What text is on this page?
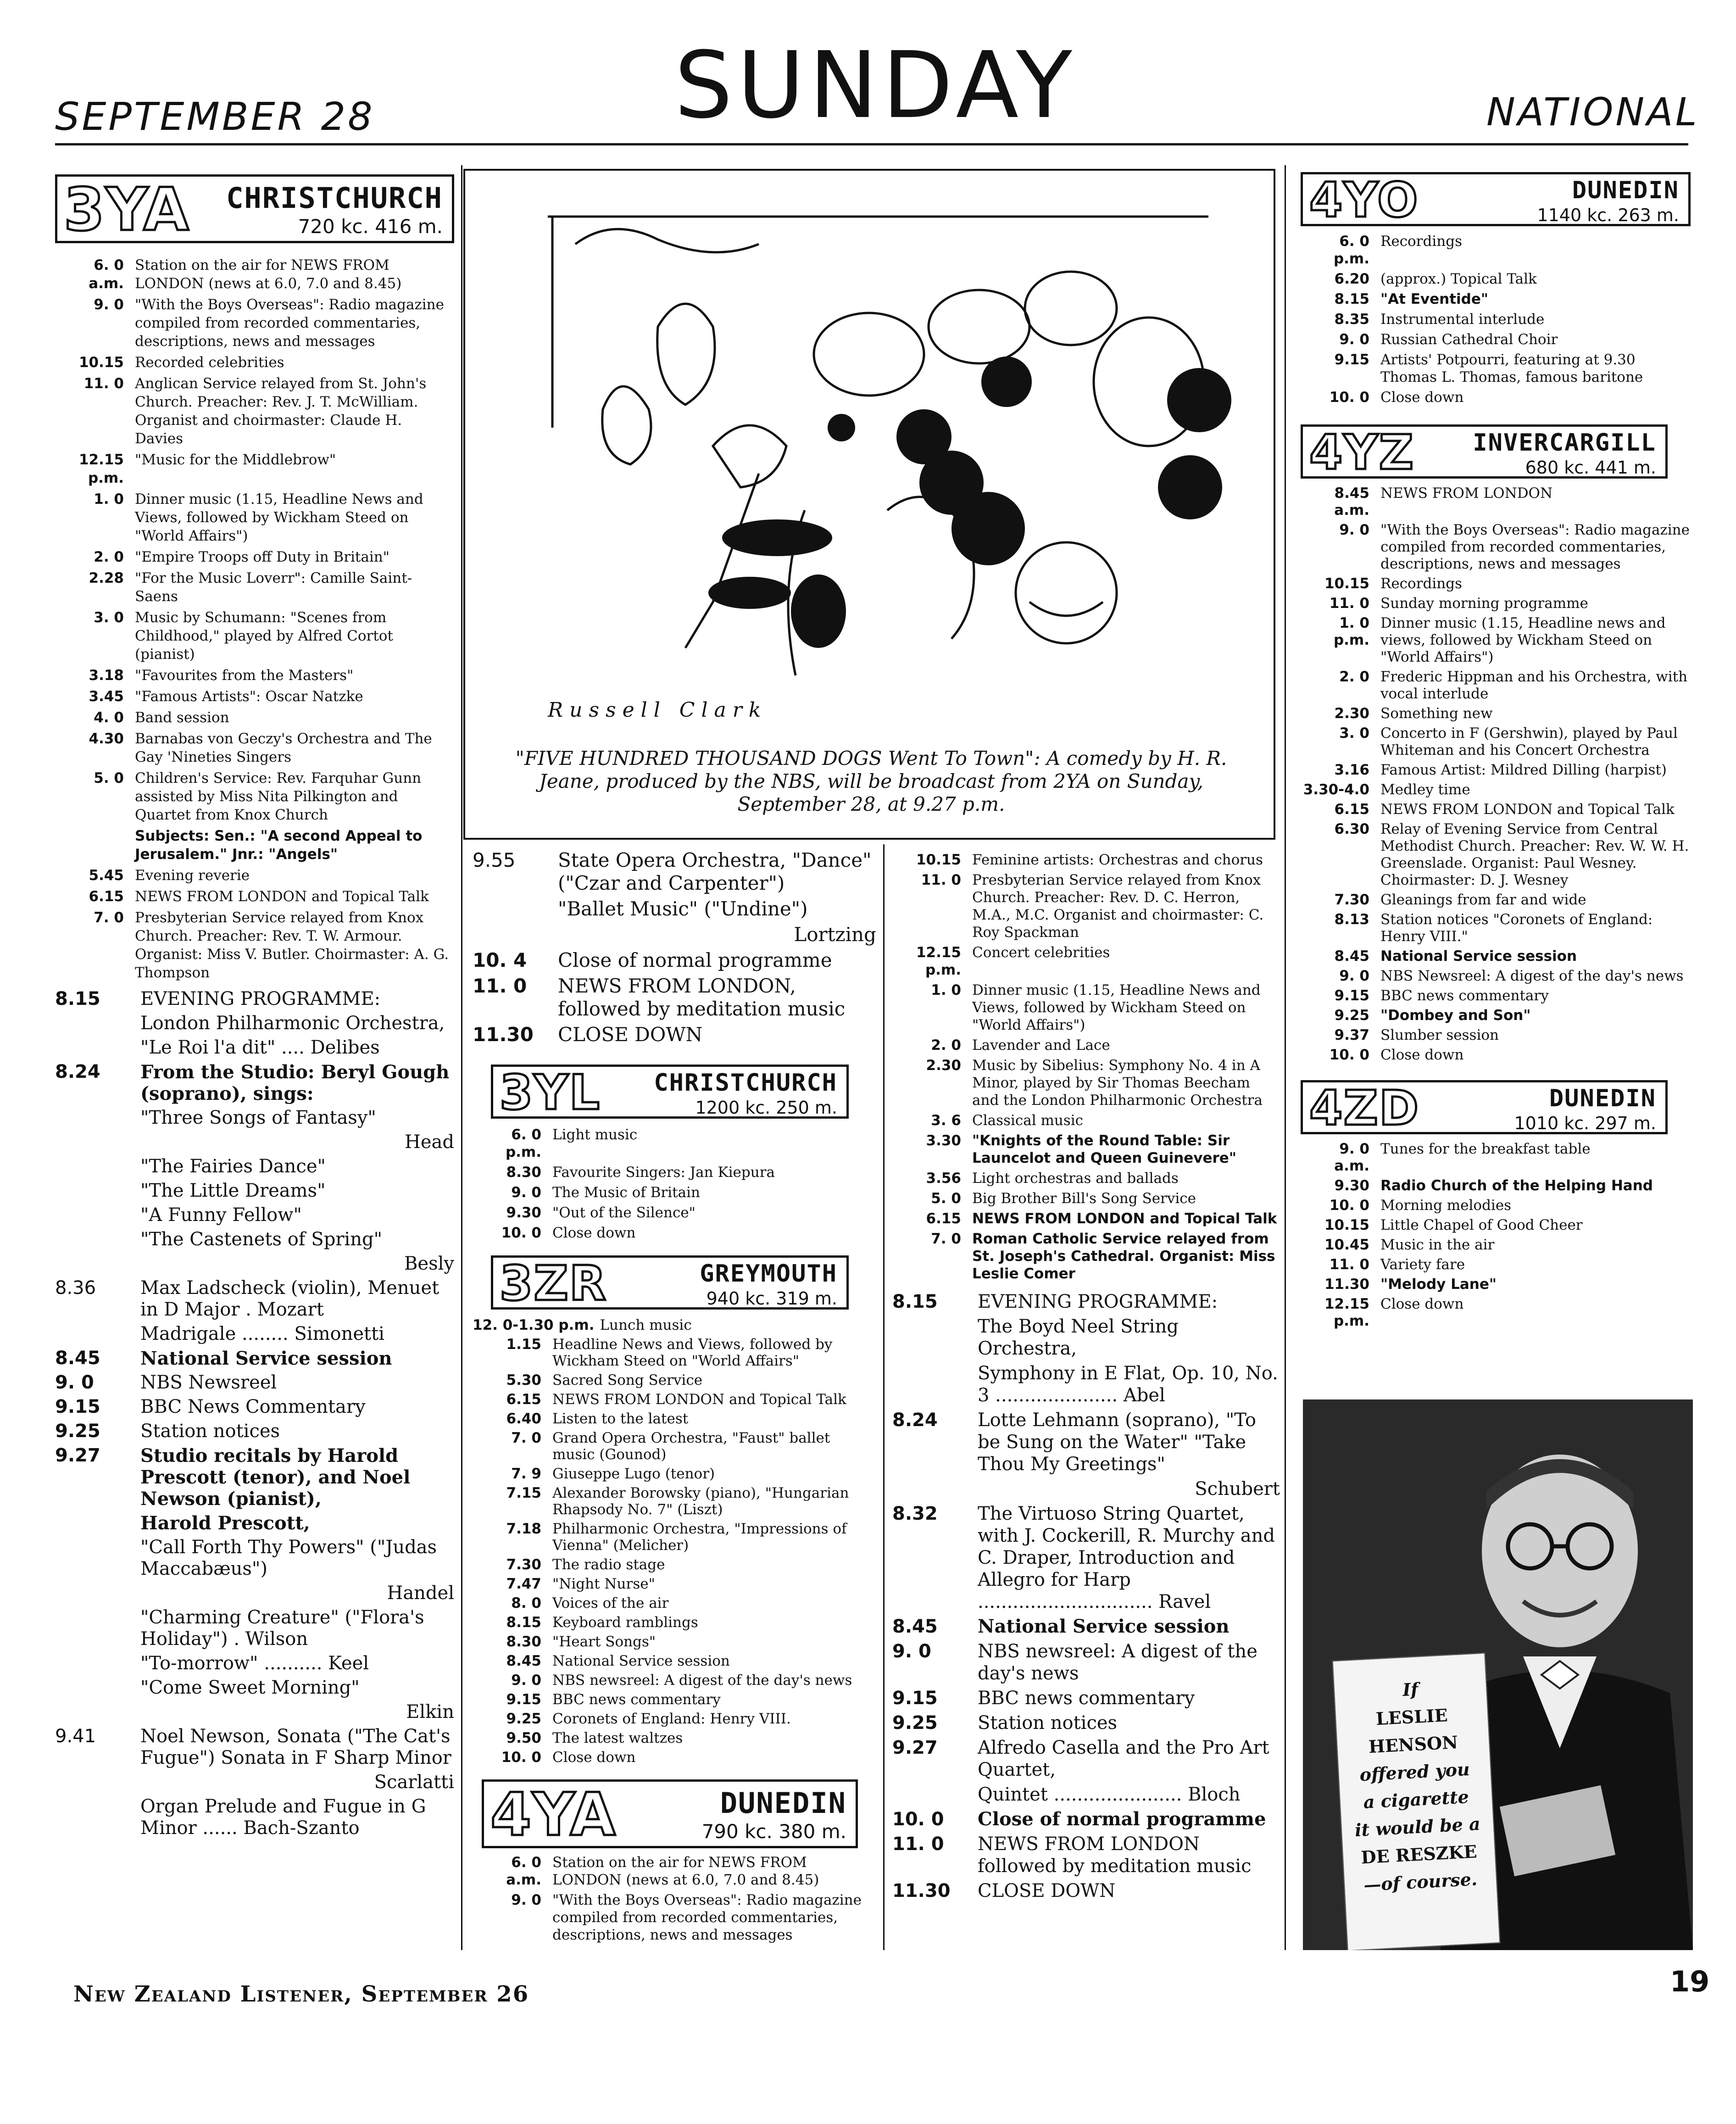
SEPTEMBER 28	SUNDAY	NATIONAL
3YA CHRISTCHURCH
720 kc. 416 m.
6. 0 a.m.
Station on the air for NEWS FROM LONDON (news at 6.0, 7.0 and 8.45)
9. 0 "With the Boys Overseas": Radio magazine compiled from recorded commentaries, descriptions, news and messages
10.15 Recorded celebrities
11. 0 Anglican Service relayed from St. John's Church. Preacher: Rev. J. T. McWilliam. Organist and choirmaster: Claude H. Davies
12.15 p.m.
"Music for the Middlebrow"
1. 0 Dinner music (1.15, Headline News and Views, followed by Wickham Steed on "World Affairs")
2. 0 "Empire Troops off Duty in Britain"
2.28 "For the Music Loverr": Camille Saint-Saens
3. 0 Music by Schumann: "Scenes from Childhood," played by Alfred Cortot (pianist)
3.18 "Favourites from the Masters"
3.45 "Famous Artists": Oscar Natzke
4. 0 Band session
4.30 Barnabas von Geczy's Orchestra and The Gay 'Nineties Singers
5. 0 Children's Service: Rev. Farquhar Gunn assisted by Miss Nita Pilkington and Quartet from Knox Church
Subjects: Sen.: "A second Appeal to Jerusalem." Jnr.: "Angels"
5.45 Evening reverie
6.15 NEWS FROM LONDON and Topical Talk
7. 0 Presbyterian Service relayed from Knox Church. Preacher: Rev. T. W. Armour. Organist: Miss V. Butler. Choirmaster: A. G. Thompson
8.15	EVENING PROGRAMME:
London Philharmonic Orchestra,
"Le Roi l'a dit" .... Delibes
8.24	From the Studio: Beryl Gough (soprano), sings:
"Three Songs of Fantasy"
Head
"The Fairies Dance"
"The Little Dreams"
"A Funny Fellow"
"The Castenets of Spring"
Besly
8.36	Max Ladscheck (violin), Menuet in D Major . Mozart
Madrigale ........ Simonetti
8.45	National Service session
9. 0	NBS Newsreel
9.15	BBC News Commentary
9.25	Station notices
9.27	Studio recitals by Harold Prescott (tenor), and Noel Newson (pianist),
Harold Prescott,
"Call Forth Thy Powers" ("Judas Maccabæus")
Handel
"Charming Creature" ("Flora's Holiday") . Wilson
"To-morrow" .......... Keel
"Come Sweet Morning"
Elkin
9.41	Noel Newson, Sonata ("The Cat's Fugue") Sonata in F Sharp Minor
Scarlatti
Organ Prelude and Fugue in G Minor ...... Bach-Szanto
Russell Clark
"FIVE HUNDRED THOUSAND DOGS Went To Town": A comedy by H. R. Jeane, produced by the NBS, will be broadcast from 2YA on Sunday, September 28, at 9.27 p.m.
9.55	State Opera Orchestra, "Dance" ("Czar and Carpenter")
"Ballet Music" ("Undine")
Lortzing
10. 4	Close of normal programme
11. 0	NEWS FROM LONDON, followed by meditation music
11.30	CLOSE DOWN
3YL CHRISTCHURCH
1200 kc. 250 m.
6. 0 p.m.
Light music
8.30 Favourite Singers: Jan Kiepura
9. 0 The Music of Britain
9.30 "Out of the Silence"
10. 0 Close down
3ZR	GREYMOUTH
940 kc. 319 m.
12. 0-1.30 p.m. Lunch music
1.15 Headline News and Views, followed by Wickham Steed on "World Affairs"
5.30 Sacred Song Service
6.15 NEWS FROM LONDON and Topical Talk
6.40 Listen to the latest
7. 0 Grand Opera Orchestra, "Faust" ballet music (Gounod)
7. 9 Giuseppe Lugo (tenor)
7.15 Alexander Borowsky (piano), "Hungarian Rhapsody No. 7" (Liszt)
7.18 Philharmonic Orchestra, "Impressions of Vienna" (Melicher)
7.30 The radio stage
7.47 "Night Nurse"
8. 0 Voices of the air
8.15 Keyboard ramblings
8.30 "Heart Songs"
8.45 National Service session
9. 0 NBS newsreel: A digest of the day's news
9.15 BBC news commentary
9.25 Coronets of England: Henry VIII.
9.50 The latest waltzes
10. 0 Close down
4YA	DUNEDIN
790 kc. 380 m.
6. 0 a.m.
Station on the air for NEWS FROM LONDON (news at 6.0, 7.0 and 8.45)
9. 0 "With the Boys Overseas": Radio magazine compiled from recorded commentaries, descriptions, news and messages
10.15 Feminine artists: Orchestras and chorus
11. 0 Presbyterian Service relayed from Knox Church. Preacher: Rev. D. C. Herron, M.A., M.C. Organist and choirmaster: C. Roy Spackman
12.15 p.m.
Concert celebrities
1. 0 Dinner music (1.15, Headline News and Views, followed by Wickham Steed on "World Affairs")
2. 0 Lavender and Lace
2.30 Music by Sibelius: Symphony No. 4 in A Minor, played by Sir Thomas Beecham and the London Philharmonic Orchestra
3. 6 Classical music
3.30 "Knights of the Round Table: Sir Launcelot and Queen Guinevere"
3.56 Light orchestras and ballads
5. 0 Big Brother Bill's Song Service
6.15 NEWS FROM LONDON and Topical Talk
7. 0 Roman Catholic Service relayed from St. Joseph's Cathedral. Organist: Miss Leslie Comer
8.15	EVENING PROGRAMME:
The Boyd Neel String Orchestra,
Symphony in E Flat, Op. 10, No. 3 ..................... Abel
8.24	Lotte Lehmann (soprano), "To be Sung on the Water" "Take Thou My Greetings"
Schubert
8.32	The Virtuoso String Quartet, with J. Cockerill, R. Murchy and C. Draper, Introduction and Allegro for Harp .............................. Ravel
8.45	National Service session
9. 0	NBS newsreel: A digest of the day's news
9.15	BBC news commentary
9.25	Station notices
9.27	Alfredo Casella and the Pro Art Quartet,
Quintet ...................... Bloch
10. 0	Close of normal programme
11. 0	NEWS FROM LONDON followed by meditation music
11.30	CLOSE DOWN
4YO	DUNEDIN
1140 kc. 263 m.
6. 0 p.m.
Recordings
6.20 (approx.) Topical Talk
8.15 "At Eventide"
8.35 Instrumental interlude
9. 0 Russian Cathedral Choir
9.15 Artists' Potpourri, featuring at 9.30 Thomas L. Thomas, famous baritone
10. 0 Close down
4YZ INVERCARGILL
680 kc. 441 m.
8.45 a.m.
NEWS FROM LONDON
9. 0 "With the Boys Overseas": Radio magazine compiled from recorded commentaries, descriptions, news and messages
10.15 Recordings
11. 0 Sunday morning programme
1. 0 p.m.
Dinner music (1.15, Headline news and views, followed by Wickham Steed on "World Affairs")
2. 0 Frederic Hippman and his Orchestra, with vocal interlude
2.30 Something new
3. 0 Concerto in F (Gershwin), played by Paul Whiteman and his Concert Orchestra
3.16 Famous Artist: Mildred Dilling (harpist)
3.30-4.0 Medley time
6.15 NEWS FROM LONDON and Topical Talk
6.30 Relay of Evening Service from Central Methodist Church. Preacher: Rev. W. W. H. Greenslade. Organist: Paul Wesney. Choirmaster: D. J. Wesney
7.30 Gleanings from far and wide
8.13 Station notices "Coronets of England: Henry VIII."
8.45 National Service session
9. 0 NBS Newsreel: A digest of the day's news
9.15 BBC news commentary
9.25 "Dombey and Son"
9.37 Slumber session
10. 0 Close down
4ZD	DUNEDIN
1010 kc. 297 m.
9. 0 a.m.
Tunes for the breakfast table
9.30 Radio Church of the Helping Hand
10. 0 Morning melodies
10.15 Little Chapel of Good Cheer
10.45 Music in the air
11. 0 Variety fare
11.30 "Melody Lane"
12.15 p.m.
Close down
If
LESLIE
HENSON
offered you
a cigarette
it would be a
DE RESZKE
—of course.
New Zealand Listener, September 26	19
